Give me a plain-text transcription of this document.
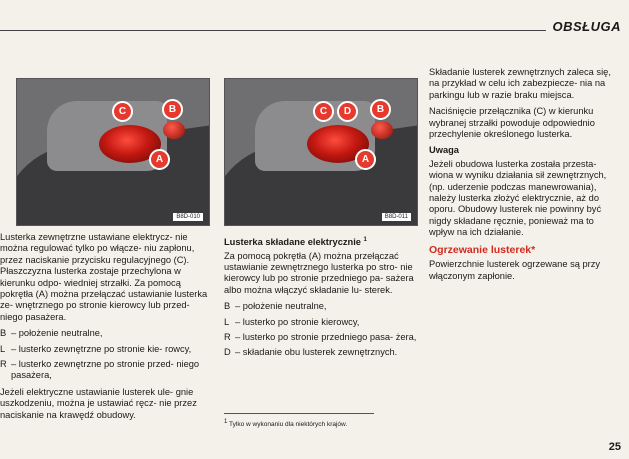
OBSŁUGA
C	B
A
B8D-010
C	D	B
A
B8D-011

Lusterka zewnętrzne ustawiane elektrycz- nie można regulować tylko po włącze- niu zapłonu, przez naciskanie przycisku regulacyjnego (C). Płaszczyzna lusterka zostaje przechylona w kierunku odpo- wiedniej strzałki. Za pomocą pokrętła (A) można przełączać ustawianie lusterka ze- wnętrznego po stronie kierowcy lub przed- niego pasażera.

B – położenie neutralne,
L – lusterko zewnętrzne po stronie kie- rowcy,
R – lusterko zewnętrzne po stronie przed- niego pasażera,

Jeżeli elektryczne ustawianie lusterek ule- gnie uszkodzeniu, można je ustawiać ręcz- nie przez naciskanie na krawędź obudowy.

Lusterka składane elektrycznie $^1$

Za pomocą pokrętła (A) można przełączać ustawianie zewnętrznego lusterka po stro- nie kierowcy lub po stronie przedniego pa- sażera albo można włączyć składanie lu- sterek.

B – położenie neutralne,
L – lusterko po stronie kierowcy,
R – lusterko po stronie przedniego pasa- żera,
D – składanie obu lusterek zewnętrznych.
1 Tylko w wykonaniu dla niektórych krajów.

Składanie lusterek zewnętrznych zaleca się, na przykład w celu ich zabezpiecze- nia na parkingu lub w razie braku miejsca.

Naciśnięcie przełącznika (C) w kierunku wybranej strzałki powoduje odpowiednio przechylenie określonego lusterka.

Uwaga

Jeżeli obudowa lusterka została przesta- wiona w wyniku działania sił zewnętrznych, (np. uderzenie podczas manewrowania), należy lusterka złożyć elektrycznie, aż do oporu. Obudowy lusterek nie powinny być nigdy składane ręcznie, ponieważ ma to wpływ na ich działanie.

Ogrzewanie lusterek*

Powierzchnie lusterek ogrzewane są przy włączonym zapłonie.

25
